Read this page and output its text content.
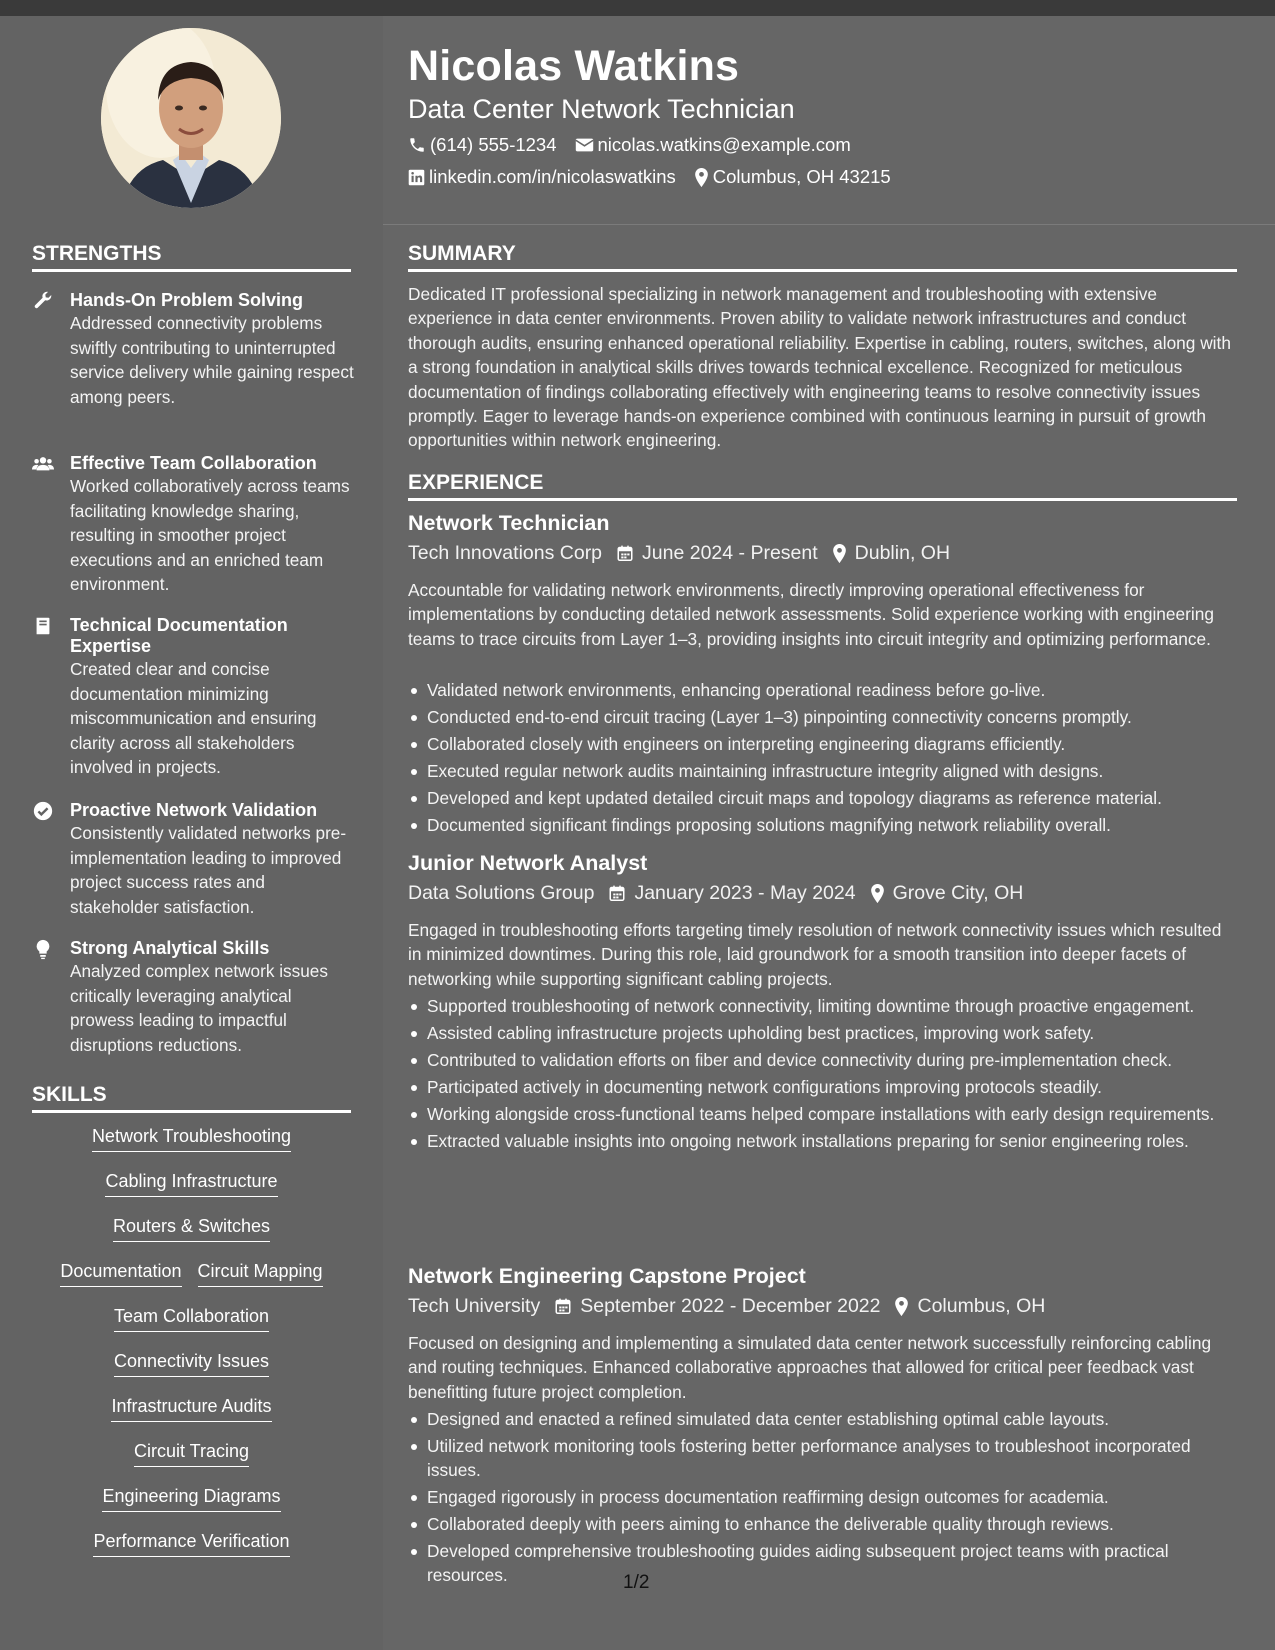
STRENGTHS
Hands-On Problem Solving
Addressed connectivity problems swiftly contributing to uninterrupted service delivery while gaining respect among peers.
Effective Team Collaboration
Worked collaboratively across teams facilitating knowledge sharing, resulting in smoother project executions and an enriched team environment.
Technical Documentation Expertise
Created clear and concise documentation minimizing miscommunication and ensuring clarity across all stakeholders involved in projects.
Proactive Network Validation
Consistently validated networks pre-implementation leading to improved project success rates and stakeholder satisfaction.
Strong Analytical Skills
Analyzed complex network issues critically leveraging analytical prowess leading to impactful disruptions reductions.
SKILLS
Network Troubleshooting
Cabling Infrastructure
Routers & Switches
Documentation Circuit Mapping
Team Collaboration
Connectivity Issues
Infrastructure Audits
Circuit Tracing
Engineering Diagrams
Performance Verification
Nicolas Watkins
Data Center Network Technician
(614) 555-1234 nicolas.watkins@example.com
linkedin.com/in/nicolaswatkins Columbus, OH 43215
SUMMARY
Dedicated IT professional specializing in network management and troubleshooting with extensive experience in data center environments. Proven ability to validate network infrastructures and conduct thorough audits, ensuring enhanced operational reliability. Expertise in cabling, routers, switches, along with a strong foundation in analytical skills drives towards technical excellence. Recognized for meticulous documentation of findings collaborating effectively with engineering teams to resolve connectivity issues promptly. Eager to leverage hands-on experience combined with continuous learning in pursuit of growth opportunities within network engineering.
EXPERIENCE
Network Technician
Tech Innovations Corp June 2024 - Present Dublin, OH
Accountable for validating network environments, directly improving operational effectiveness for implementations by conducting detailed network assessments. Solid experience working with engineering teams to trace circuits from Layer 1–3, providing insights into circuit integrity and optimizing performance.
Validated network environments, enhancing operational readiness before go-live.
Conducted end-to-end circuit tracing (Layer 1–3) pinpointing connectivity concerns promptly.
Collaborated closely with engineers on interpreting engineering diagrams efficiently.
Executed regular network audits maintaining infrastructure integrity aligned with designs.
Developed and kept updated detailed circuit maps and topology diagrams as reference material.
Documented significant findings proposing solutions magnifying network reliability overall.
Junior Network Analyst
Data Solutions Group January 2023 - May 2024 Grove City, OH
Engaged in troubleshooting efforts targeting timely resolution of network connectivity issues which resulted in minimized downtimes. During this role, laid groundwork for a smooth transition into deeper facets of networking while supporting significant cabling projects.
Supported troubleshooting of network connectivity, limiting downtime through proactive engagement.
Assisted cabling infrastructure projects upholding best practices, improving work safety.
Contributed to validation efforts on fiber and device connectivity during pre-implementation check.
Participated actively in documenting network configurations improving protocols steadily.
Working alongside cross-functional teams helped compare installations with early design requirements.
Extracted valuable insights into ongoing network installations preparing for senior engineering roles.
Network Engineering Capstone Project
Tech University September 2022 - December 2022 Columbus, OH
Focused on designing and implementing a simulated data center network successfully reinforcing cabling and routing techniques. Enhanced collaborative approaches that allowed for critical peer feedback vast benefitting future project completion.
Designed and enacted a refined simulated data center establishing optimal cable layouts.
Utilized network monitoring tools fostering better performance analyses to troubleshoot incorporated issues.
Engaged rigorously in process documentation reaffirming design outcomes for academia.
Collaborated deeply with peers aiming to enhance the deliverable quality through reviews.
Developed comprehensive troubleshooting guides aiding subsequent project teams with practical resources.	1/2
